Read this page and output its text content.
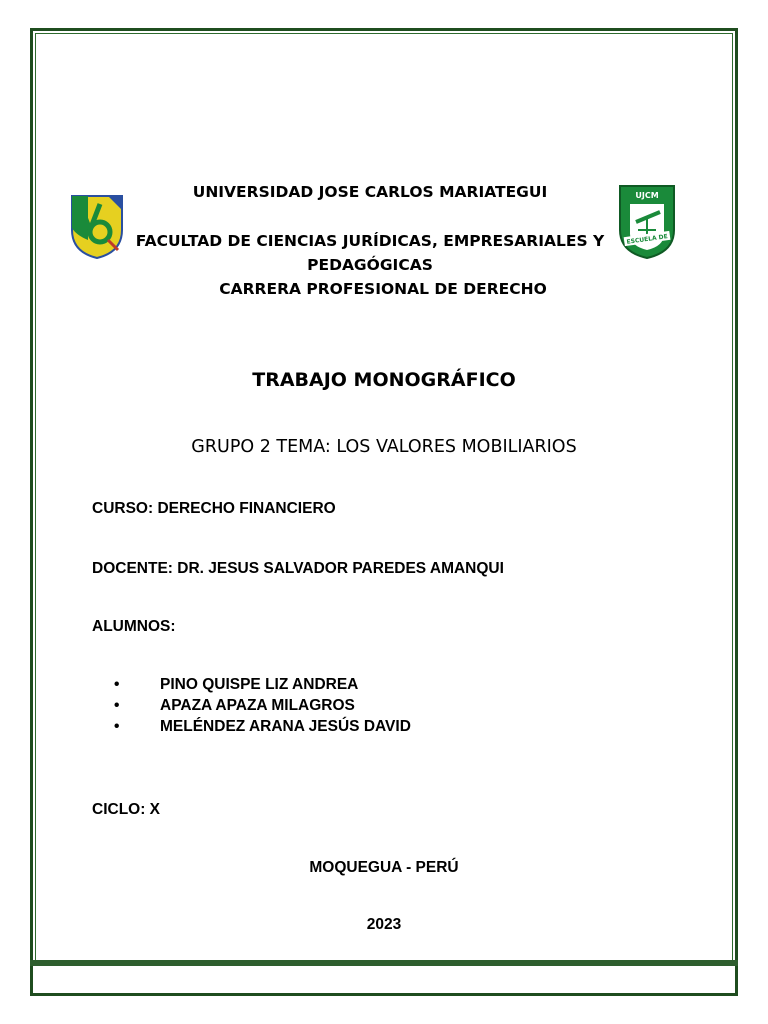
UJCM
ESCUELA DE
UNIVERSIDAD JOSE CARLOS MARIATEGUI
FACULTAD DE CIENCIAS JURÍDICAS, EMPRESARIALES Y
PEDAGÓGICAS
CARRERA PROFESIONAL DE DERECHO
TRABAJO MONOGRÁFICO
GRUPO 2 TEMA: LOS VALORES MOBILIARIOS
CURSO: DERECHO FINANCIERO
DOCENTE: DR. JESUS SALVADOR PAREDES AMANQUI
ALUMNOS:
•	PINO QUISPE LIZ ANDREA
•	APAZA APAZA MILAGROS
•	MELÉNDEZ ARANA JESÚS DAVID
CICLO: X
MOQUEGUA - PERÚ
2023
